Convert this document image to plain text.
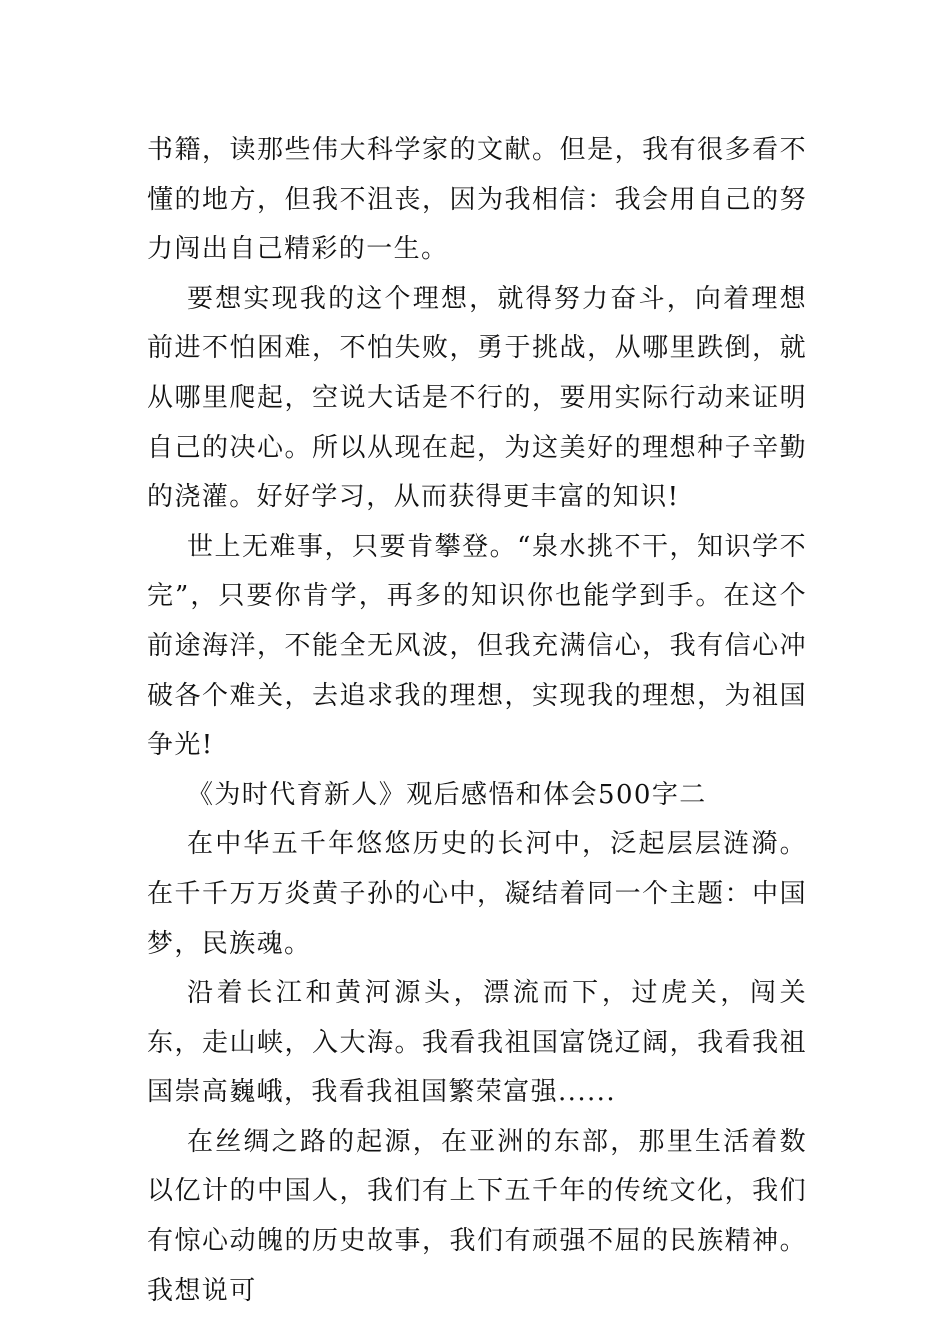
书籍，读那些伟大科学家的文献。但是，我有很多看不懂的地方，但我不沮丧，因为我相信：我会用自己的努力闯出自己精彩的一生。

要想实现我的这个理想，就得努力奋斗，向着理想前进不怕困难，不怕失败，勇于挑战，从哪里跌倒，就从哪里爬起，空说大话是不行的，要用实际行动来证明自己的决心。所以从现在起，为这美好的理想种子辛勤的浇灌。好好学习，从而获得更丰富的知识!

世上无难事，只要肯攀登。“泉水挑不干，知识学不完”，只要你肯学，再多的知识你也能学到手。在这个前途海洋，不能全无风波，但我充满信心，我有信心冲破各个难关，去追求我的理想，实现我的理想，为祖国争光!

《为时代育新人》观后感悟和体会500字二

在中华五千年悠悠历史的长河中，泛起层层涟漪。在千千万万炎黄子孙的心中，凝结着同一个主题：中国梦，民族魂。

沿着长江和黄河源头，漂流而下，过虎关，闯关东，走山峡，入大海。我看我祖国富饶辽阔，我看我祖国崇高巍峨，我看我祖国繁荣富强......

在丝绸之路的起源，在亚洲的东部，那里生活着数以亿计的中国人，我们有上下五千年的传统文化，我们有惊心动魄的历史故事，我们有顽强不屈的民族精神。我想说可
